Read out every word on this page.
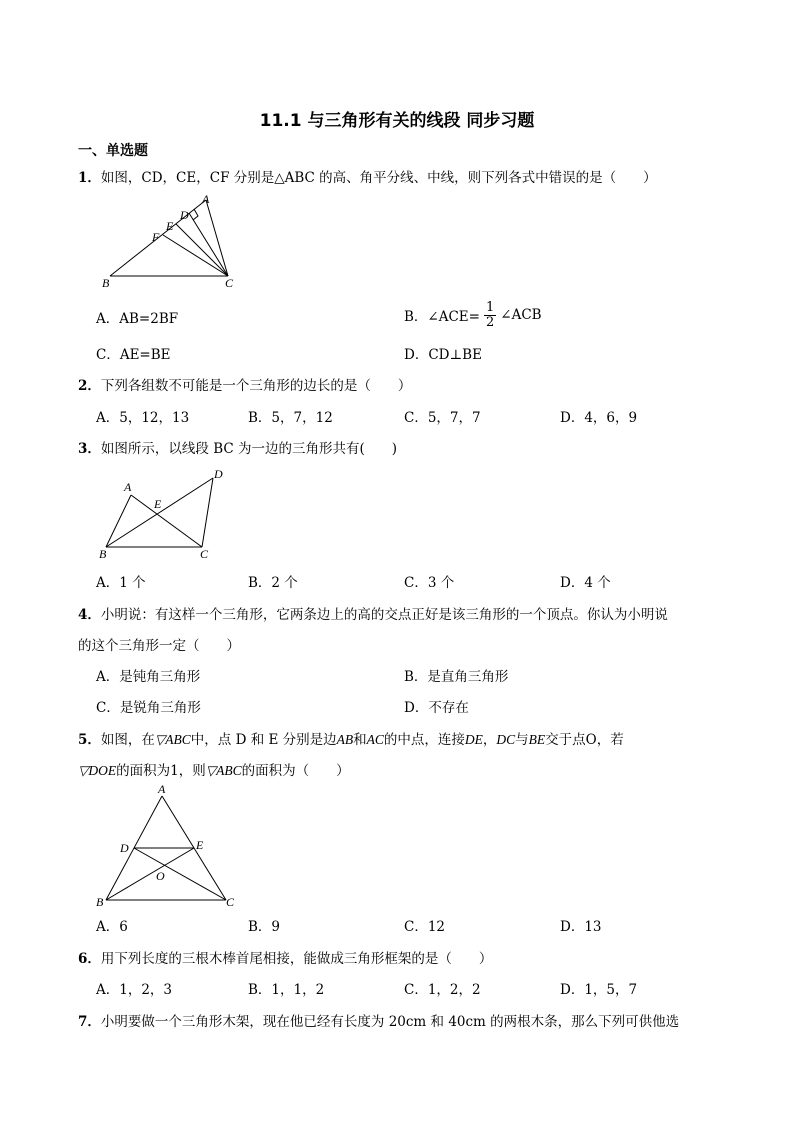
11.1 与三角形有关的线段 同步习题
一、单选题
1．如图，CD，CE，CF 分别是△ABC 的高、角平分线、中线，则下列各式中错误的是（　　）
A
B	C
D
E
F
A．AB=2BF	B．∠ACE= $\frac{1}{2}$ ∠ACB
C．AE=BE	D．CD⊥BE
2．下列各组数不可能是一个三角形的边长的是（　　）
A．5，12，13	B．5，7，12	C．5，7，7	D．4，6，9
3．如图所示，以线段 BC 为一边的三角形共有(　　)
A
B	C
D
E
A．1 个	B．2 个	C．3 个	D．4 个
4．小明说：有这样一个三角形，它两条边上的高的交点正好是该三角形的一个顶点。你认为小明说
的这个三角形一定（　　）
A．是钝角三角形	B．是直角三角形
C．是锐角三角形	D．不存在
5．如图，在▽ABC中，点 D 和 E 分别是边AB和AC的中点，连接DE，DC与BE交于点O，若
▽DOE的面积为1，则▽ABC的面积为（　　）
A
B	C
D	E
O
A．6	B．9	C．12	D．13
6．用下列长度的三根木棒首尾相接，能做成三角形框架的是（　　）
A．1，2，3	B．1，1，2	C．1，2，2	D．1，5，7
7．小明要做一个三角形木架，现在他已经有长度为 20cm 和 40cm 的两根木条，那么下列可供他选
